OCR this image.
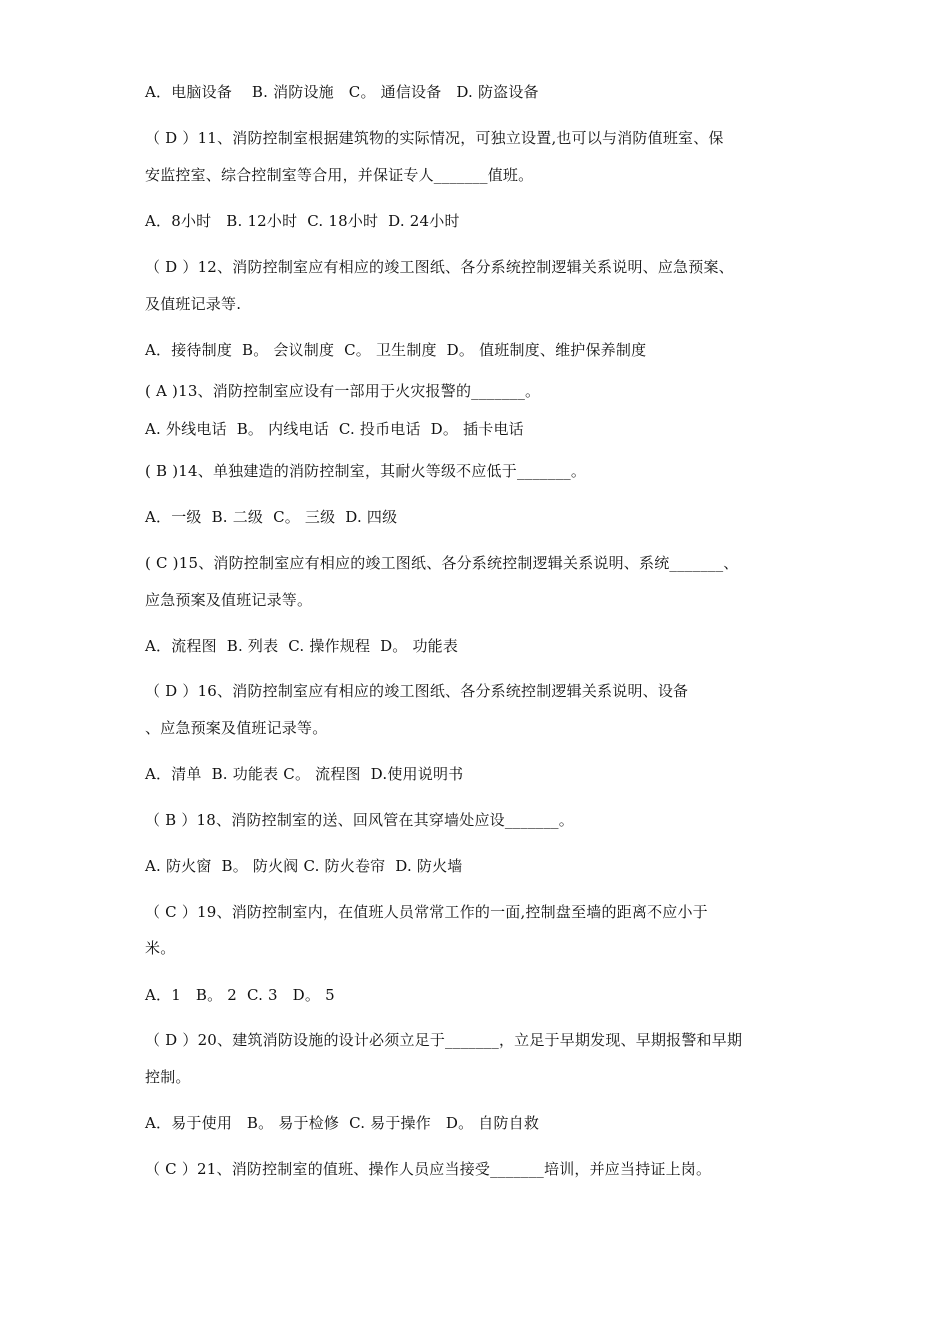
A．电脑设备    B. 消防设施   C。 通信设备   D. 防盗设备
（ D ）11、消防控制室根据建筑物的实际情况，可独立设置,也可以与消防值班室、保
安监控室、综合控制室等合用，并保证专人_______值班。
A．8小时   B. 12小时  C. 18小时  D. 24小时
（ D ）12、消防控制室应有相应的竣工图纸、各分系统控制逻辑关系说明、应急预案、
及值班记录等.
A．接待制度  B。 会议制度  C。 卫生制度  D。 值班制度、维护保养制度
( A )13、消防控制室应设有一部用于火灾报警的_______。
A. 外线电话  B。 内线电话  C. 投币电话  D。 插卡电话
( B )14、单独建造的消防控制室，其耐火等级不应低于_______。
A．一级  B. 二级  C。 三级  D. 四级
( C )15、消防控制室应有相应的竣工图纸、各分系统控制逻辑关系说明、系统_______、
应急预案及值班记录等。
A．流程图  B. 列表  C. 操作规程  D。 功能表
（ D ）16、消防控制室应有相应的竣工图纸、各分系统控制逻辑关系说明、设备
、应急预案及值班记录等。
A．清单  B. 功能表 C。 流程图  D.使用说明书
（ B ）18、消防控制室的送、回风管在其穿墙处应设_______。
A. 防火窗  B。 防火阀 C. 防火卷帘  D. 防火墙
（ C ）19、消防控制室内，在值班人员常常工作的一面,控制盘至墙的距离不应小于
米。
A．1   B。 2  C. 3   D。 5
（ D ）20、建筑消防设施的设计必须立足于_______，立足于早期发现、早期报警和早期
控制。
A．易于使用   B。 易于检修  C. 易于操作   D。 自防自救
（ C ）21、消防控制室的值班、操作人员应当接受_______培训，并应当持证上岗。
